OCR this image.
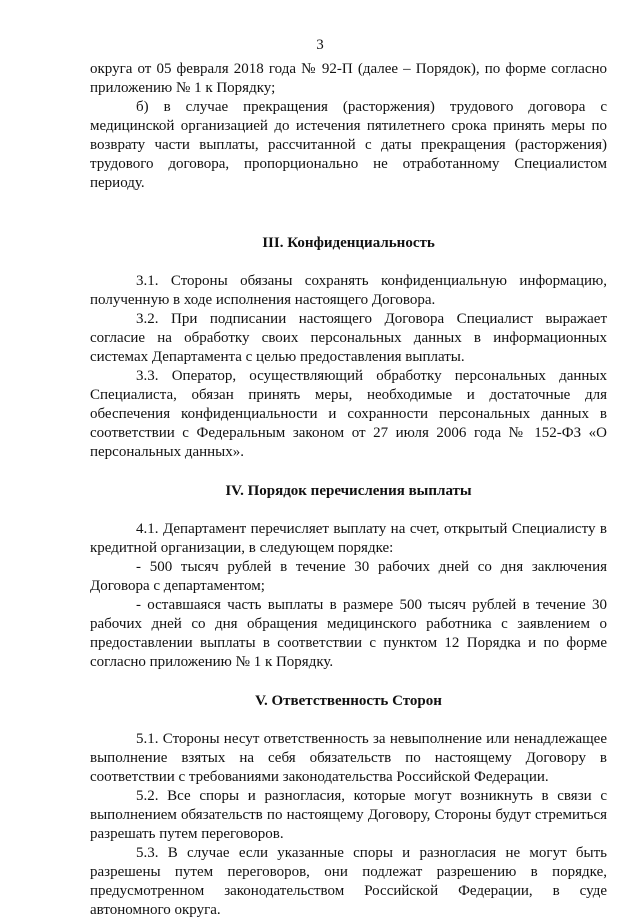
3

округа от 05 февраля 2018 года № 92-П (далее – Порядок), по форме согласно приложению № 1 к Порядку;

б) в случае прекращения (расторжения) трудового договора с медицинской организацией до истечения пятилетнего срока принять меры по возврату части выплаты, рассчитанной с даты прекращения (расторжения) трудового договора, пропорционально не отработанному Специалистом периоду.

III. Конфиденциальность

3.1. Стороны обязаны сохранять конфиденциальную информацию, полученную в ходе исполнения настоящего Договора.

3.2. При подписании настоящего Договора Специалист выражает согласие на обработку своих персональных данных в информационных системах Департамента с целью предоставления выплаты.

3.3. Оператор, осуществляющий обработку персональных данных Специалиста, обязан принять меры, необходимые и достаточные для обеспечения конфиденциальности и сохранности персональных данных в соответствии с Федеральным законом от 27 июля 2006 года № 152-ФЗ «О персональных данных».

IV. Порядок перечисления выплаты

4.1. Департамент перечисляет выплату на счет, открытый Специалисту в кредитной организации, в следующем порядке:

- 500 тысяч рублей в течение 30 рабочих дней со дня заключения Договора с департаментом;

- оставшаяся часть выплаты в размере 500 тысяч рублей в течение 30 рабочих дней со дня обращения медицинского работника с заявлением о предоставлении выплаты в соответствии с пунктом 12 Порядка и по форме согласно приложению № 1 к Порядку.

V. Ответственность Сторон

5.1. Стороны несут ответственность за невыполнение или ненадлежащее выполнение взятых на себя обязательств по настоящему Договору в соответствии с требованиями законодательства Российской Федерации.

5.2. Все споры и разногласия, которые могут возникнуть в связи с выполнением обязательств по настоящему Договору, Стороны будут стремиться разрешать путем переговоров.

5.3. В случае если указанные споры и разногласия не могут быть разрешены путем переговоров, они подлежат разрешению в порядке, предусмотренном законодательством Российской Федерации, в суде автономного округа.
